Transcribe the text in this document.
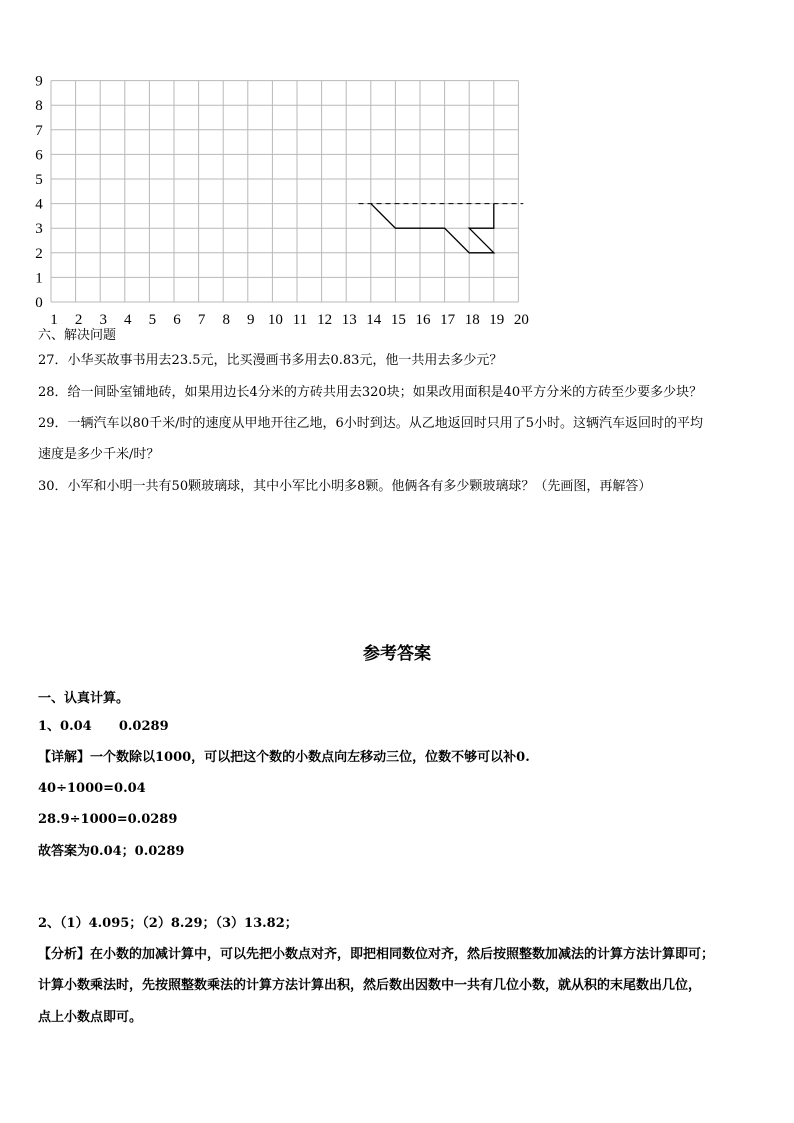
0
1
2
3
4
5
6
7
8
9
1 2 3 4 5 6 7 8 9 10 11 12 13 14 15 16 17 18 19 20
六、解决问题
27．小华买故事书用去23.5元，比买漫画书多用去0.83元，他一共用去多少元？
28．给一间卧室铺地砖，如果用边长4分米的方砖共用去320块；如果改用面积是40平方分米的方砖至少要多少块？
29．一辆汽车以80千米/时的速度从甲地开往乙地，6小时到达。从乙地返回时只用了5小时。这辆汽车返回时的平均
速度是多少千米/时？
30．小军和小明一共有50颗玻璃球，其中小军比小明多8颗。他俩各有多少颗玻璃球？（先画图，再解答）
参考答案
一、认真计算。
1、0.04      0.0289
【详解】一个数除以1000，可以把这个数的小数点向左移动三位，位数不够可以补0.
40÷1000=0.04
28.9÷1000=0.0289
故答案为0.04；0.0289
2、（1）4.095；（2）8.29；（3）13.82；
【分析】在小数的加减计算中，可以先把小数点对齐，即把相同数位对齐，然后按照整数加减法的计算方法计算即可；
计算小数乘法时，先按照整数乘法的计算方法计算出积，然后数出因数中一共有几位小数，就从积的末尾数出几位，
点上小数点即可。
